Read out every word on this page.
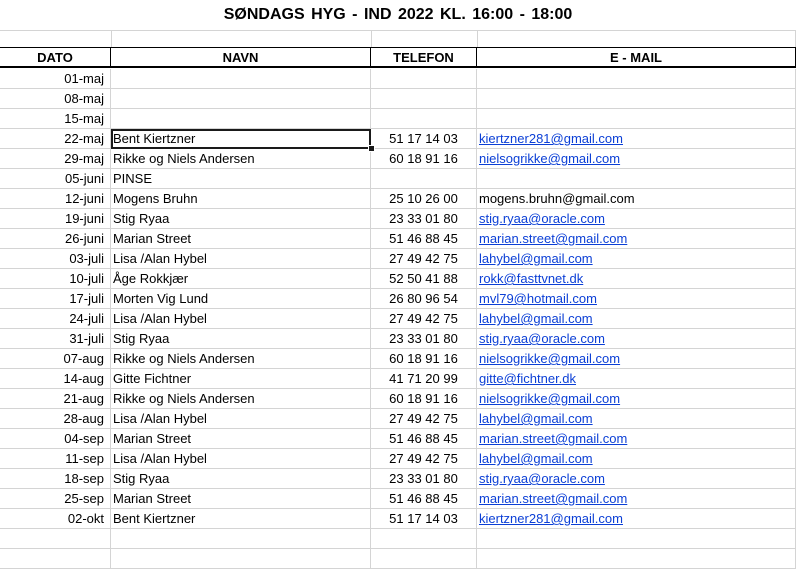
SØNDAGS HYG - IND 2022 KL. 16:00 - 18:00
DATO	NAVN	TELEFON	E - MAIL
01-maj
08-maj
15-maj
22-maj Bent Kiertzner	51 17 14 03	kiertzner281@gmail.com
29-maj Rikke og Niels Andersen	60 18 91 16	nielsogrikke@gmail.com
05-juni PINSE
12-juni Mogens Bruhn	25 10 26 00	mogens.bruhn@gmail.com
19-juni Stig Ryaa	23 33 01 80	stig.ryaa@oracle.com
26-juni Marian Street	51 46 88 45	marian.street@gmail.com
03-juli Lisa /Alan Hybel	27 49 42 75	lahybel@gmail.com
10-juli Åge Rokkjær	52 50 41 88	rokk@fasttvnet.dk
17-juli Morten Vig Lund	26 80 96 54	mvl79@hotmail.com
24-juli Lisa /Alan Hybel	27 49 42 75	lahybel@gmail.com
31-juli Stig Ryaa	23 33 01 80	stig.ryaa@oracle.com
07-aug Rikke og Niels Andersen	60 18 91 16	nielsogrikke@gmail.com
14-aug Gitte Fichtner	41 71 20 99	gitte@fichtner.dk
21-aug Rikke og Niels Andersen	60 18 91 16	nielsogrikke@gmail.com
28-aug Lisa /Alan Hybel	27 49 42 75	lahybel@gmail.com
04-sep Marian Street	51 46 88 45	marian.street@gmail.com
11-sep Lisa /Alan Hybel	27 49 42 75	lahybel@gmail.com
18-sep Stig Ryaa	23 33 01 80	stig.ryaa@oracle.com
25-sep Marian Street	51 46 88 45	marian.street@gmail.com
02-okt Bent Kiertzner	51 17 14 03	kiertzner281@gmail.com
